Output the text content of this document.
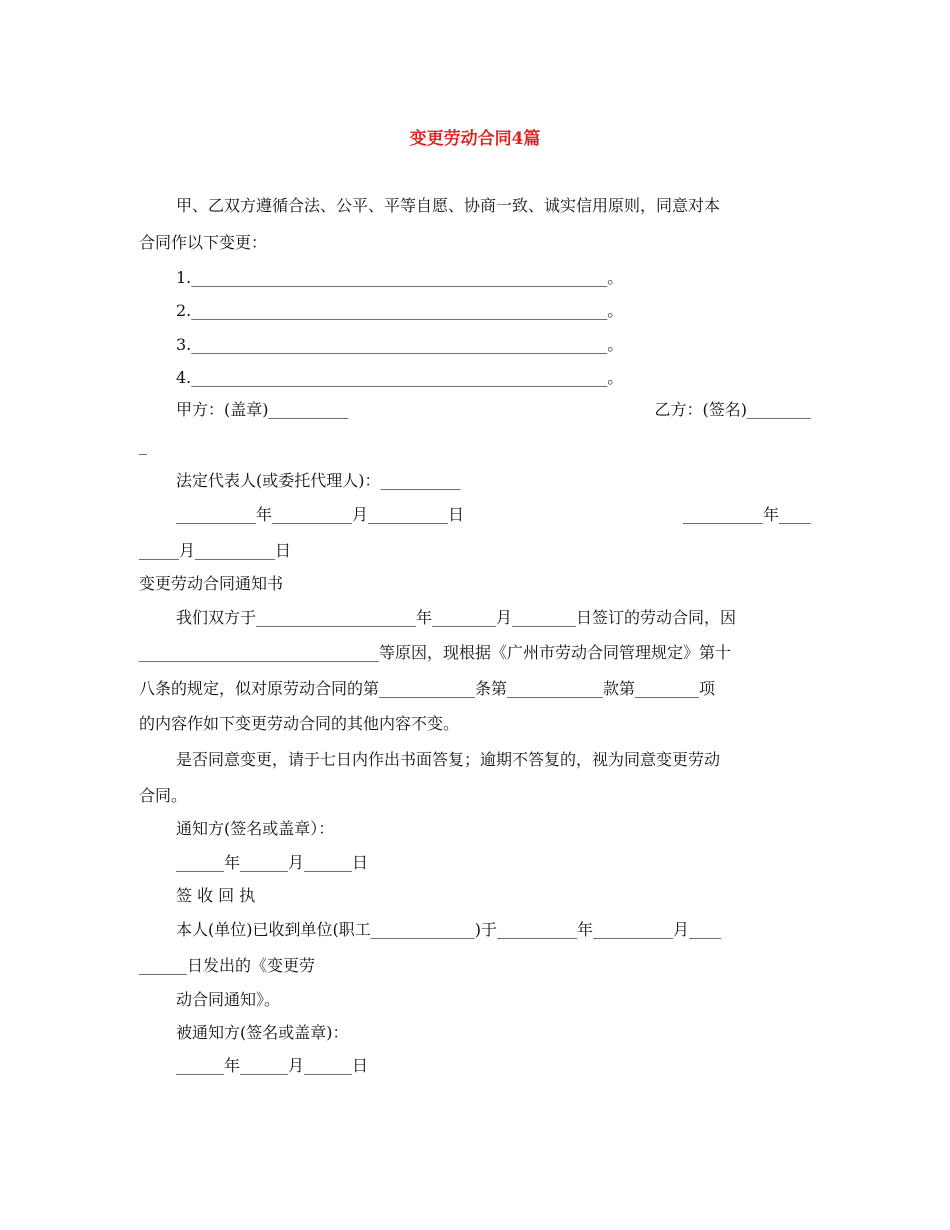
变更劳动合同4篇
甲、乙双方遵循合法、公平、平等自愿、协商一致、诚实信用原则，同意对本
合同作以下变更：
1.____________________________________________________。
2.____________________________________________________。
3.____________________________________________________。
4.____________________________________________________。
甲方：(盖章)__________	乙方：(签名)________
_
法定代表人(或委托代理人)：__________
__________年__________月__________日	__________年____
_____月__________日
变更劳动合同通知书
我们双方于____________________年________月________日签订的劳动合同，因
______________________________等原因，现根据《广州市劳动合同管理规定》第十
八条的规定，似对原劳动合同的第____________条第____________款第________项
的内容作如下变更劳动合同的其他内容不变。
是否同意变更，请于七日内作出书面答复；逾期不答复的，视为同意变更劳动
合同。
通知方(签名或盖章）：
______年______月______日
签 收 回 执
本人(单位)已收到单位(职工_____________)于__________年__________月____
______日发出的《变更劳
动合同通知》。
被通知方(签名或盖章)：
______年______月______日
